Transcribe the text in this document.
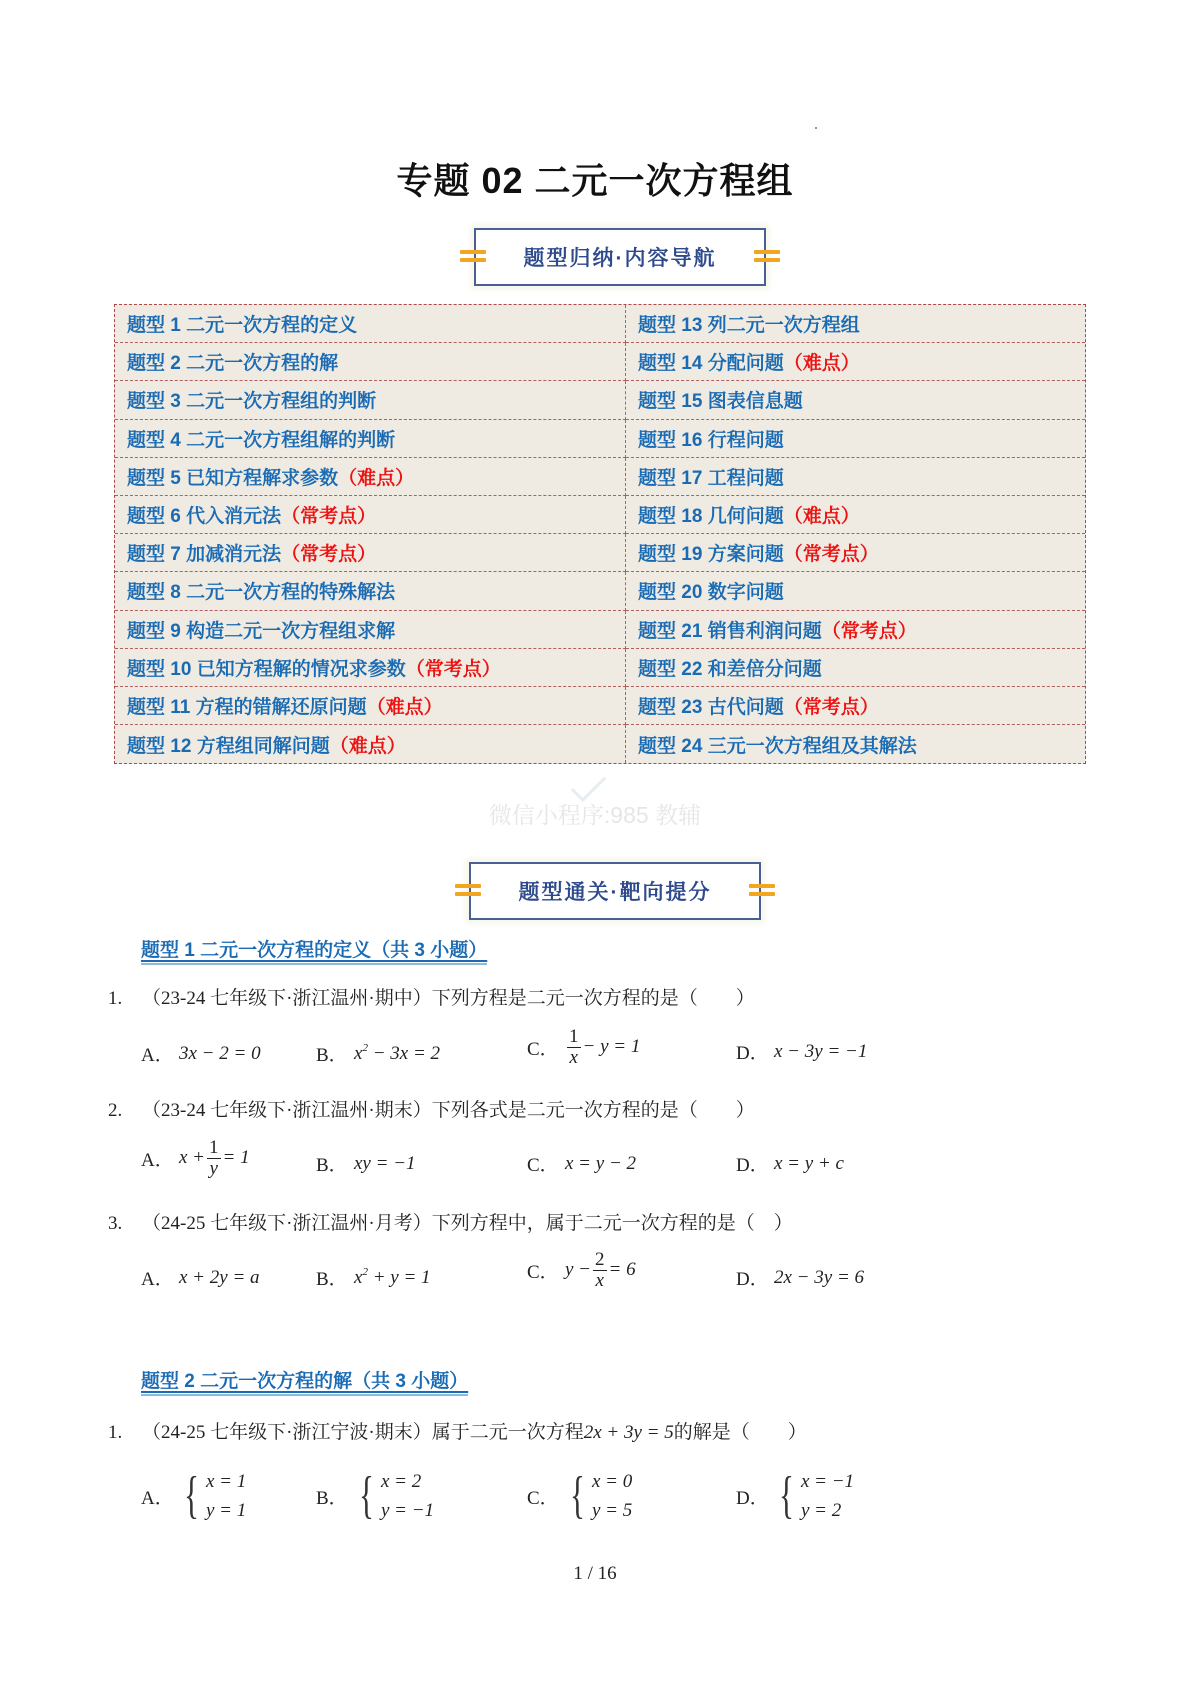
专题 02 二元一次方程组
题型归纳·内容导航
题型 1 二元一次方程的定义	题型 13 列二元一次方程组
题型 2 二元一次方程的解	题型 14 分配问题 （难点）
题型 3 二元一次方程组的判断	题型 15 图表信息题
题型 4 二元一次方程组解的判断	题型 16 行程问题
题型 5 已知方程解求参数 （难点）	题型 17 工程问题
题型 6 代入消元法 （常考点）	题型 18 几何问题 （难点）
题型 7 加减消元法 （常考点）	题型 19 方案问题 （常考点）
题型 8 二元一次方程的特殊解法	题型 20 数字问题
题型 9 构造二元一次方程组求解	题型 21 销售利润问题 （常考点）
题型 10 已知方程解的情况求参数 （常考点）	题型 22 和差倍分问题
题型 11 方程的错解还原问题 （难点）	题型 23 古代问题 （常考点）
题型 12 方程组同解问题 （难点）	题型 24 三元一次方程组及其解法
微信小程序:985 教辅
题型通关·靶向提分
题型 1 二元一次方程的定义（共 3 小题）
1. （23-24 七年级下·浙江温州·期中）下列方程是二元一次方程的是（　　）
A． 3x − 2 = 0	B． $x^2 - 3x = 2$	C． $\frac{1}{x} - y = 1$	D． x − 3y = −1
2. （23-24 七年级下·浙江温州·期末）下列各式是二元一次方程的是（　　）
A． $x + \frac{1}{y} = 1$	B． xy = −1	C． x = y − 2	D． x = y + c
3. （24-25 七年级下·浙江温州·月考）下列方程中，属于二元一次方程的是（　）
A． x + 2y = a	B． $x^2 + y = 1$	C． $y - \frac{2}{x} = 6$	D． 2x − 3y = 6
题型 2 二元一次方程的解（共 3 小题）
1. （24-25 七年级下·浙江宁波·期末）属于二元一次方程2x + 3y = 5的解是（　　）
A． { x = 1
y = 1
B． { x = 2
y = −1
C． { x = 0
y = 5
D． { x = −1
y = 2
1 / 16
